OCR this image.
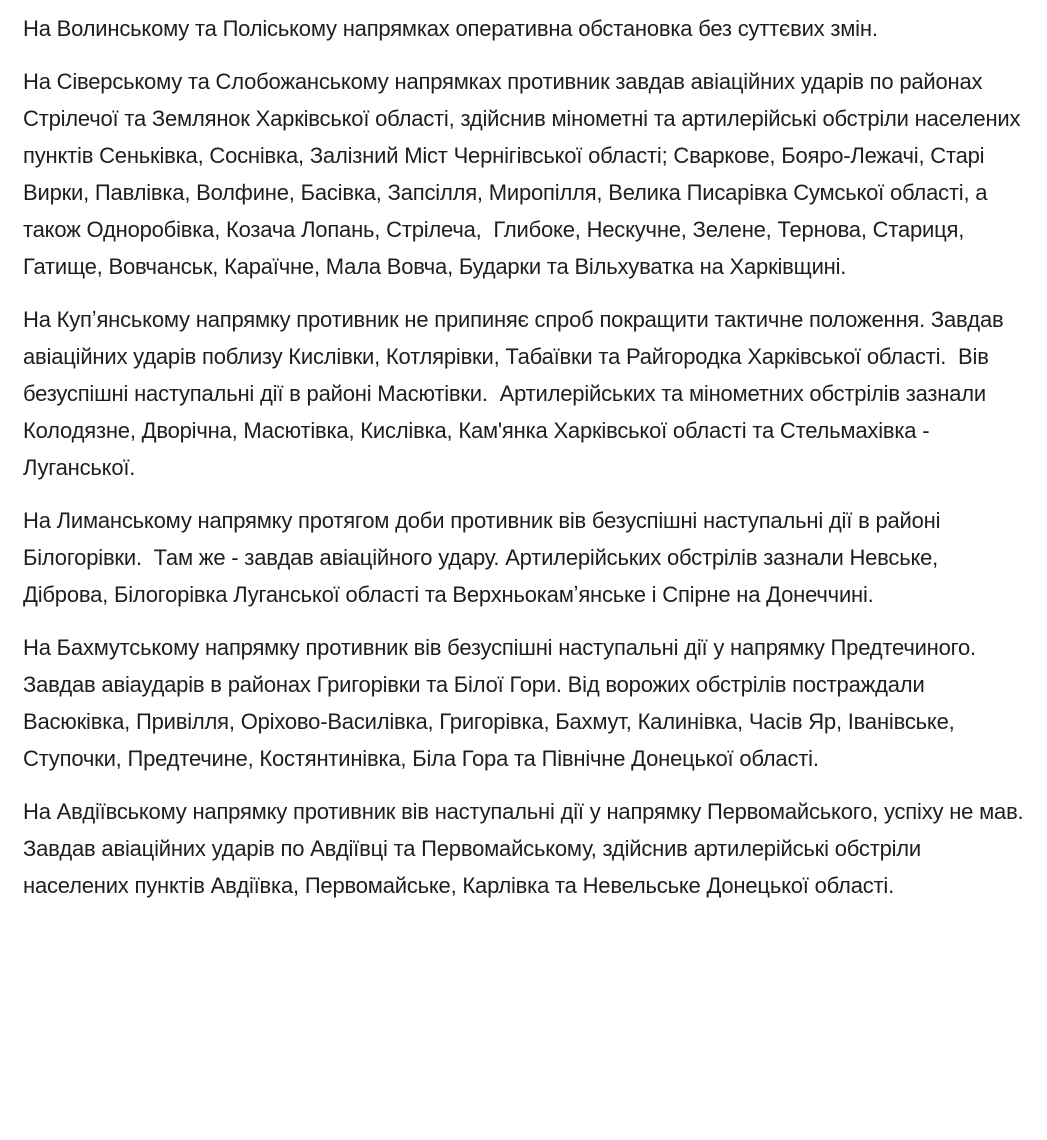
На Волинському та Поліському напрямках оперативна обстановка без суттєвих змін.

На Сіверському та Слобожанському напрямках противник завдав авіаційних ударів по районах Стрілечої та Землянок Харківської області, здійснив мінометні та артилерійські обстріли населених пунктів Сеньківка, Соснівка, Залізний Міст Чернігівської області; Сваркове, Бояро-Лежачі, Старі Вирки, Павлівка, Волфине, Басівка, Запсілля, Миропілля, Велика Писарівка Сумської області, а також Одноробівка, Козача Лопань, Стрілеча,  Глибоке, Нескучне, Зелене, Тернова, Стариця, Гатище, Вовчанськ, Караїчне, Мала Вовча, Бударки та Вільхуватка на Харківщині.

На Купʼянському напрямку противник не припиняє спроб покращити тактичне положення. Завдав авіаційних ударів поблизу Кислівки, Котлярівки, Табаївки та Райгородка Харківської області.  Вів безуспішні наступальні дії в районі Масютівки.  Артилерійських та мінометних обстрілів зазнали Колодязне, Дворічна, Масютівка, Кислівка, Кам'янка Харківської області та Стельмахівка - Луганської.

На Лиманському напрямку протягом доби противник вів безуспішні наступальні дії в районі Білогорівки.  Там же - завдав авіаційного удару. Артилерійських обстрілів зазнали Невське, Діброва, Білогорівка Луганської області та Верхньокамʼянське і Спірне на Донеччині.

На Бахмутському напрямку противник вів безуспішні наступальні дії у напрямку Предтечиного. Завдав авіаударів в районах Григорівки та Білої Гори. Від ворожих обстрілів постраждали Васюківка, Привілля, Оріхово-Василівка, Григорівка, Бахмут, Калинівка, Часів Яр, Іванівське, Ступочки, Предтечине, Костянтинівка, Біла Гора та Північне Донецької області.

На Авдіївському напрямку противник вів наступальні дії у напрямку Первомайського, успіху не мав. Завдав авіаційних ударів по Авдіївці та Первомайському, здійснив артилерійські обстріли населених пунктів Авдіївка, Первомайське, Карлівка та Невельське Донецької області.
